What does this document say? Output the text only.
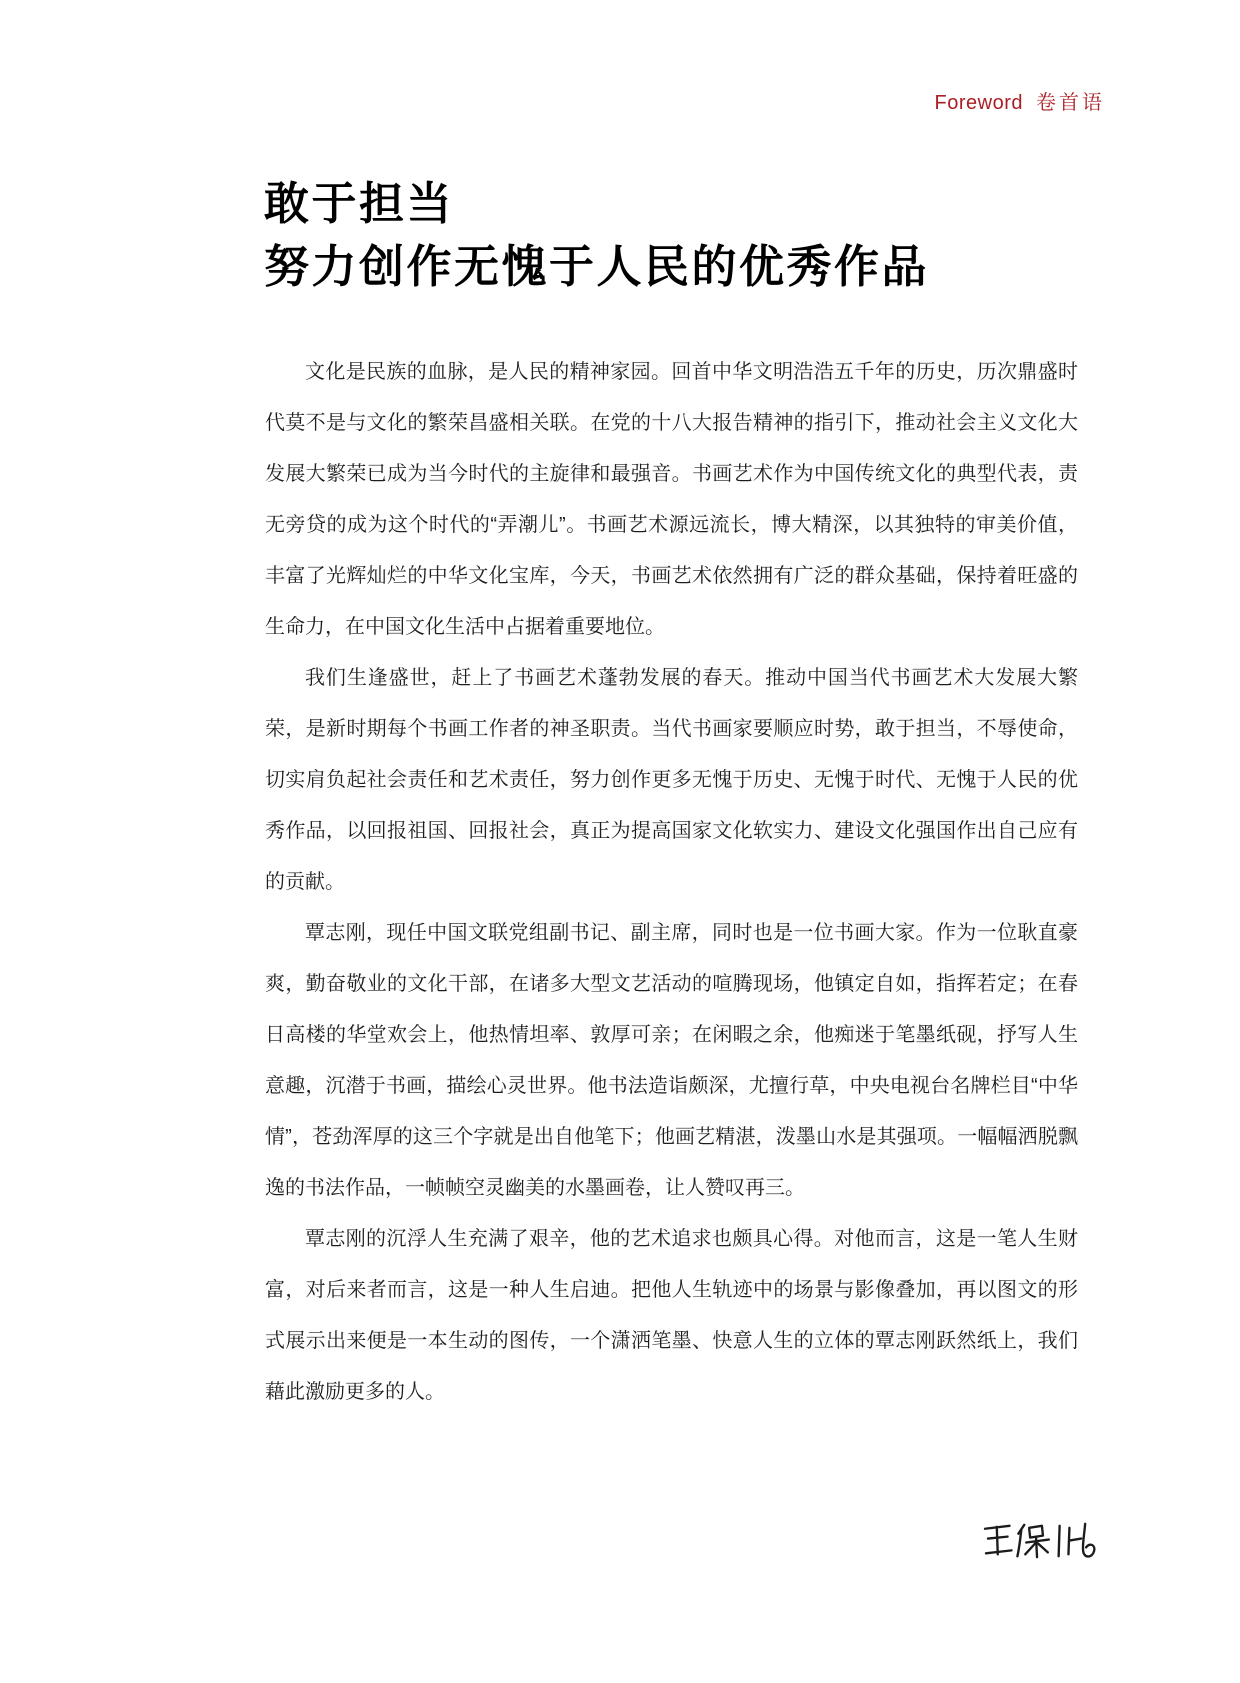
Foreword 卷首语
敢于担当
努力创作无愧于人民的优秀作品

文化是民族的血脉，是人民的精神家园。回首中华文明浩浩五千年的历史，历次鼎盛时代莫不是与文化的繁荣昌盛相关联。在党的十八大报告精神的指引下，推动社会主义文化大发展大繁荣已成为当今时代的主旋律和最强音。书画艺术作为中国传统文化的典型代表，责无旁贷的成为这个时代的“弄潮儿”。书画艺术源远流长，博大精深，以其独特的审美价值，丰富了光辉灿烂的中华文化宝库，今天，书画艺术依然拥有广泛的群众基础，保持着旺盛的生命力，在中国文化生活中占据着重要地位。

我们生逢盛世，赶上了书画艺术蓬勃发展的春天。推动中国当代书画艺术大发展大繁荣，是新时期每个书画工作者的神圣职责。当代书画家要顺应时势，敢于担当，不辱使命，切实肩负起社会责任和艺术责任，努力创作更多无愧于历史、无愧于时代、无愧于人民的优秀作品，以回报祖国、回报社会，真正为提高国家文化软实力、建设文化强国作出自己应有的贡献。

覃志刚，现任中国文联党组副书记、副主席，同时也是一位书画大家。作为一位耿直豪爽，勤奋敬业的文化干部，在诸多大型文艺活动的喧腾现场，他镇定自如，指挥若定；在春日高楼的华堂欢会上，他热情坦率、敦厚可亲；在闲暇之余，他痴迷于笔墨纸砚，抒写人生意趣，沉潜于书画，描绘心灵世界。他书法造诣颇深，尤擅行草，中央电视台名牌栏目“中华情”，苍劲浑厚的这三个字就是出自他笔下；他画艺精湛，泼墨山水是其强项。一幅幅洒脱飘逸的书法作品，一帧帧空灵幽美的水墨画卷，让人赞叹再三。

覃志刚的沉浮人生充满了艰辛，他的艺术追求也颇具心得。对他而言，这是一笔人生财富，对后来者而言，这是一种人生启迪。把他人生轨迹中的场景与影像叠加，再以图文的形式展示出来便是一本生动的图传，一个潇洒笔墨、快意人生的立体的覃志刚跃然纸上，我们藉此激励更多的人。
